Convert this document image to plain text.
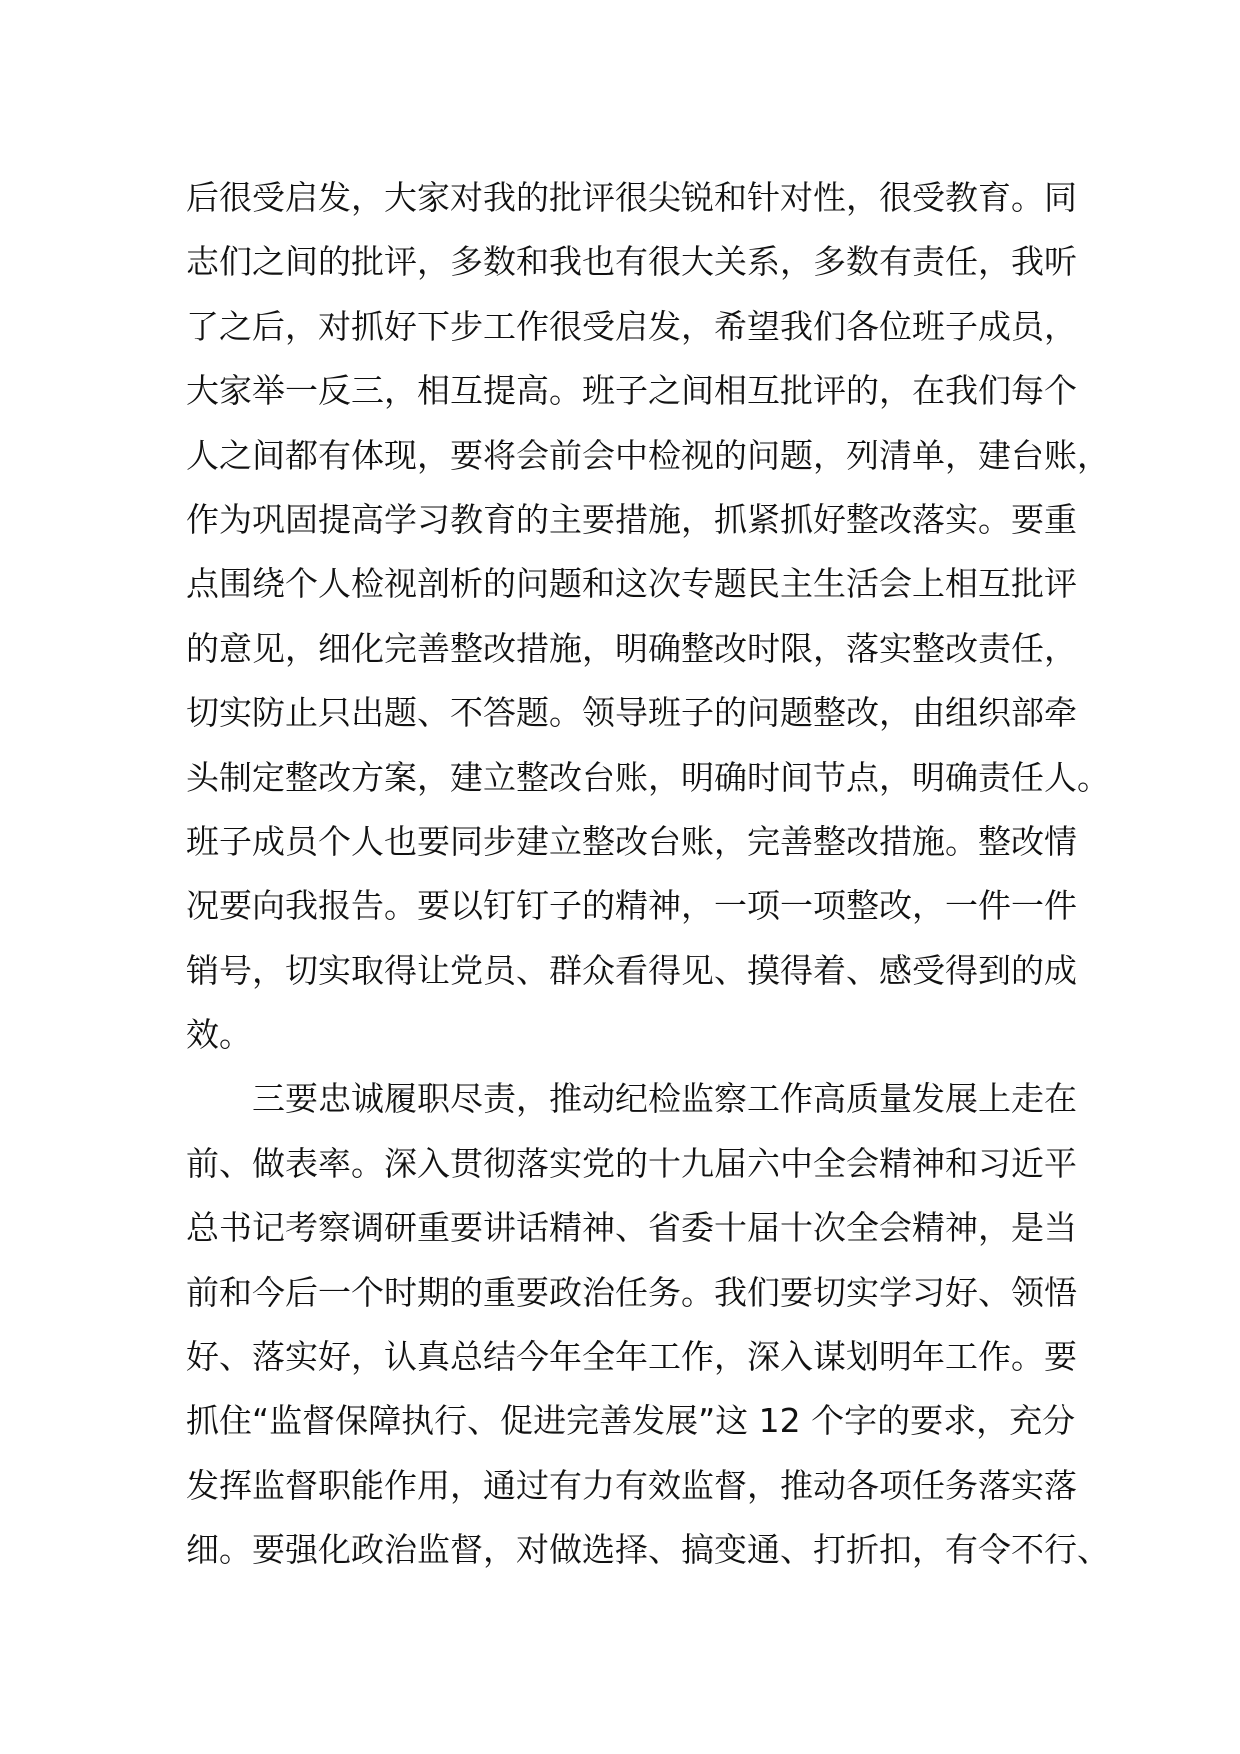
后很受启发，大家对我的批评很尖锐和针对性，很受教育。同
志们之间的批评，多数和我也有很大关系，多数有责任，我听
了之后，对抓好下步工作很受启发，希望我们各位班子成员，
大家举一反三，相互提高。班子之间相互批评的，在我们每个
人之间都有体现，要将会前会中检视的问题，列清单，建台账，
作为巩固提高学习教育的主要措施，抓紧抓好整改落实。要重
点围绕个人检视剖析的问题和这次专题民主生活会上相互批评
的意见，细化完善整改措施，明确整改时限，落实整改责任，
切实防止只出题、不答题。领导班子的问题整改，由组织部牵
头制定整改方案，建立整改台账，明确时间节点，明确责任人。
班子成员个人也要同步建立整改台账，完善整改措施。整改情
况要向我报告。要以钉钉子的精神，一项一项整改，一件一件
销号，切实取得让党员、群众看得见、摸得着、感受得到的成
效。
三要忠诚履职尽责，推动纪检监察工作高质量发展上走在
前、做表率。深入贯彻落实党的十九届六中全会精神和习近平
总书记考察调研重要讲话精神、省委十届十次全会精神，是当
前和今后一个时期的重要政治任务。我们要切实学习好、领悟
好、落实好，认真总结今年全年工作，深入谋划明年工作。要
抓住“监督保障执行、促进完善发展”这 12 个字的要求，充分
发挥监督职能作用，通过有力有效监督，推动各项任务落实落
细。要强化政治监督，对做选择、搞变通、打折扣，有令不行、
